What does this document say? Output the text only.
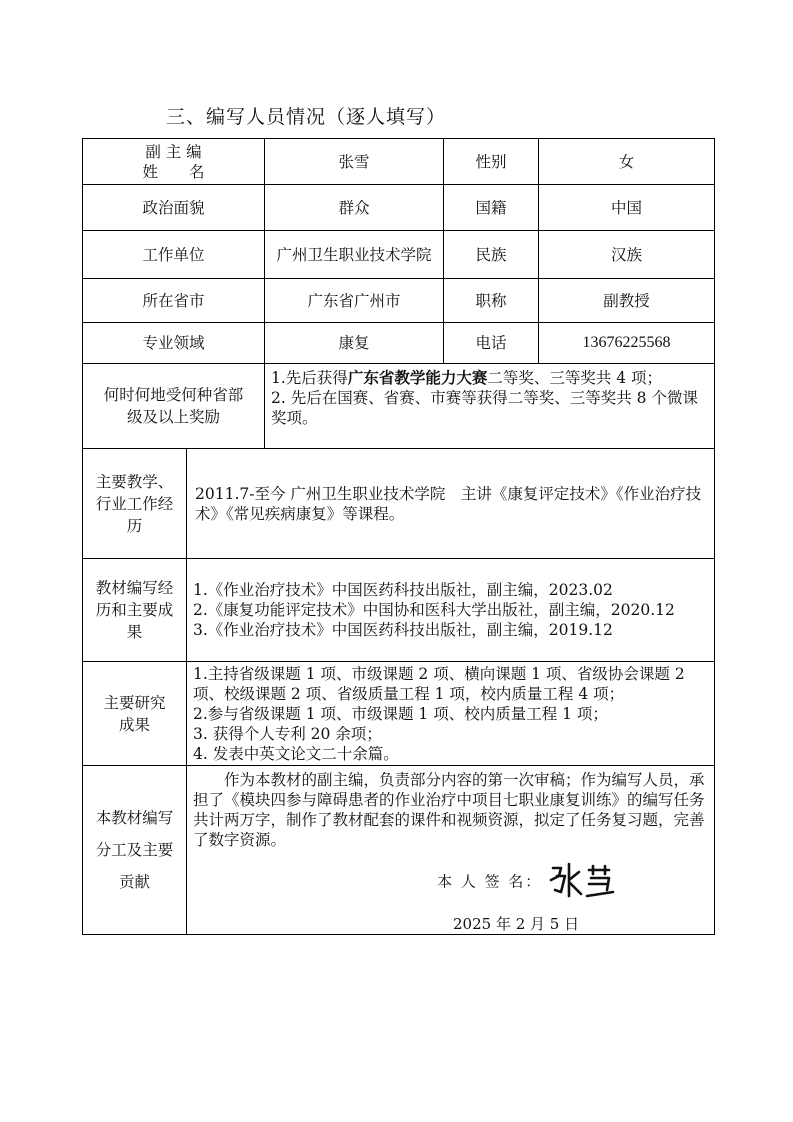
三、编写人员情况（逐人填写）
副 主 编
姓　　名		张雪	性别	女
政治面貌		群众	国籍	中国
工作单位		广州卫生职业技术学院	民族	汉族
所在省市		广东省广州市	职称	副教授
专业领域		康复	电话	13676225568
何时何地受何种省部级及以上奖励		1.先后获得广东省教学能力大赛二等奖、三等奖共 4 项；
2. 先后在国赛、省赛、市赛等获得二等奖、三等奖共 8 个微课奖项。		

主要教学、行业工作经历	2011.7-至今 广州卫生职业技术学院　主讲《康复评定技术》《作业治疗技术》《常见疾病康复》等课程。			
教材编写经历和主要成果	1.《作业治疗技术》中国医药科技出版社，副主编，2023.02
2.《康复功能评定技术》中国协和医科大学出版社，副主编，2020.12
3.《作业治疗技术》中国医药科技出版社，副主编，2019.12			

主要研究成果	1.主持省级课题 1 项、市级课题 2 项、横向课题 1 项、省级协会课题 2 项、校级课题 2 项、省级质量工程 1 项，校内质量工程 4 项；
2.参与省级课题 1 项、市级课题 1 项、校内质量工程 1 项；
3. 获得个人专利 20 余项；
4. 发表中英文论文二十余篇。			

本教材编写分工及主要贡献	作为本教材的副主编，负责部分内容的第一次审稿；作为编写人员，承担了《模块四参与障碍患者的作业治疗中项目七职业康复训练》的编写任务共计两万字，制作了教材配套的课件和视频资源，拟定了任务复习题，完善了数字资源。
本 人 签 名：
2025 年 2 月 5 日			
